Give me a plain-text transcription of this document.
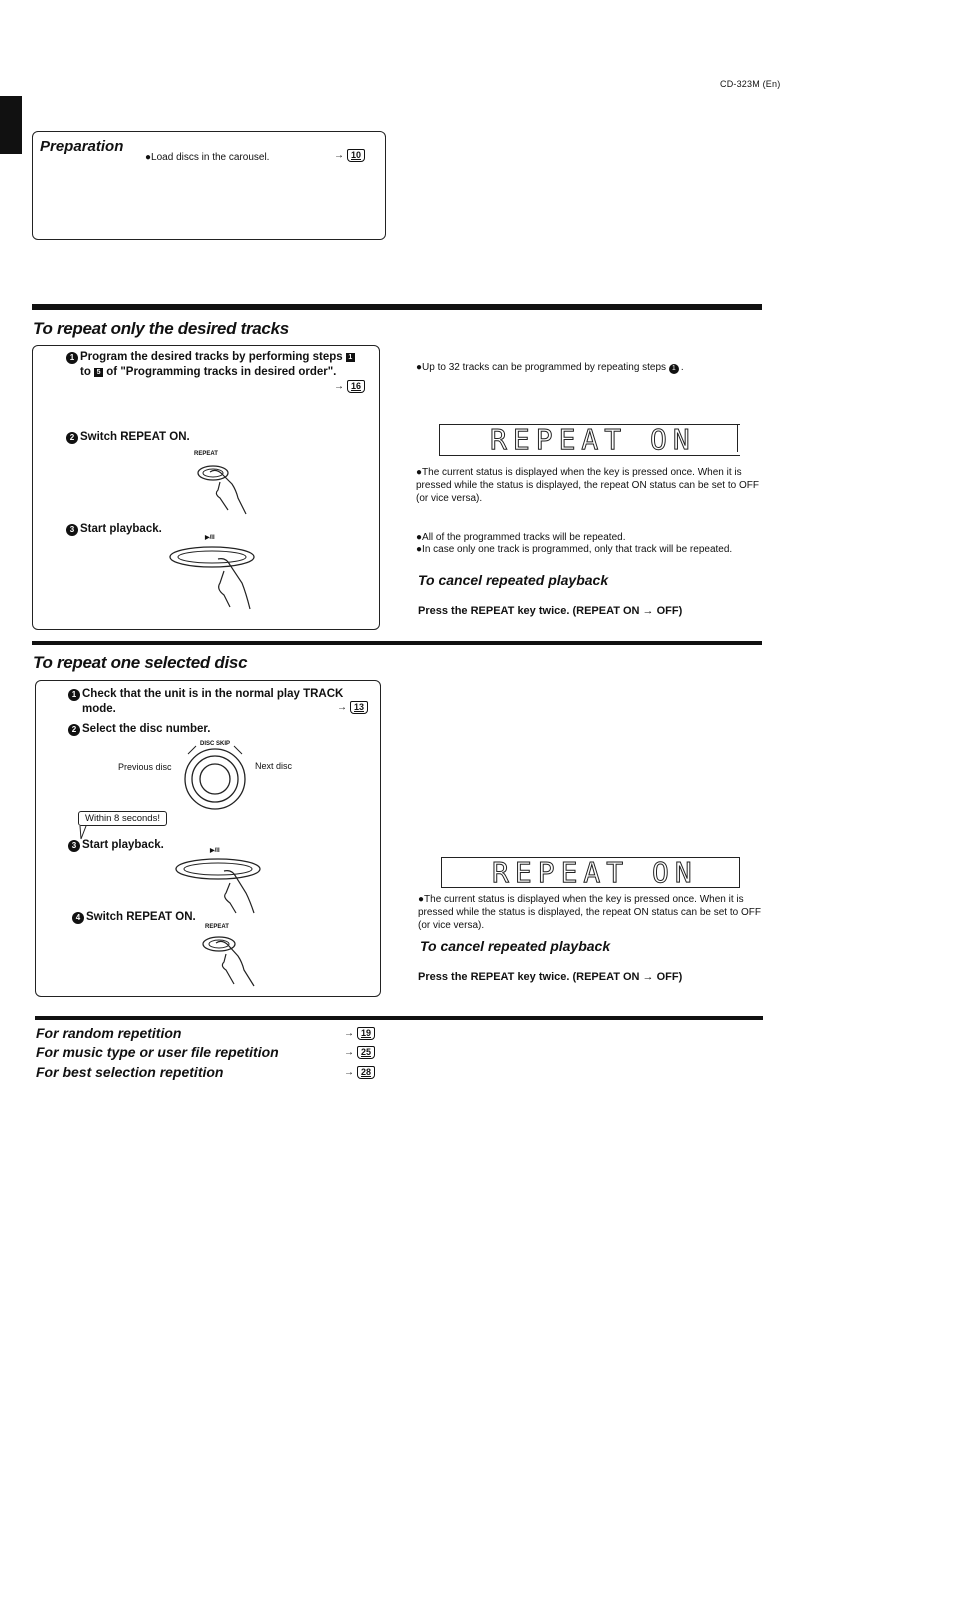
CD-323M (En)
Preparation
●Load discs in the carousel.	→ 10
To repeat only the desired tracks
1 Program the desired tracks by performing steps 1
to 5 of "Programming tracks in desired order".
→ 16
2 Switch REPEAT ON.
REPEAT
3 Start playback.
▶/II
●Up to 32 tracks can be programmed by repeating steps 1 .
REPEAT ON
●The current status is displayed when the key is pressed once. When it is pressed while the status is displayed, the repeat ON status can be set to OFF (or vice versa).
●All of the programmed tracks will be repeated.
●In case only one track is programmed, only that track will be repeated.
To cancel repeated playback
Press the REPEAT key twice. (REPEAT ON → OFF)
To repeat one selected disc
1 Check that the unit is in the normal play TRACK
mode.	→ 13
2 Select the disc number.
DISC SKIP
Previous disc	Next disc
Within 8 seconds!
3 Start playback.	▶/II
4 Switch REPEAT ON.
REPEAT
REPEAT ON
●The current status is displayed when the key is pressed once. When it is pressed while the status is displayed, the repeat ON status can be set to OFF (or vice versa).
To cancel repeated playback
Press the REPEAT key twice. (REPEAT ON → OFF)
For random repetition	→ 19
For music type or user file repetition	→ 25
For best selection repetition	→ 28
